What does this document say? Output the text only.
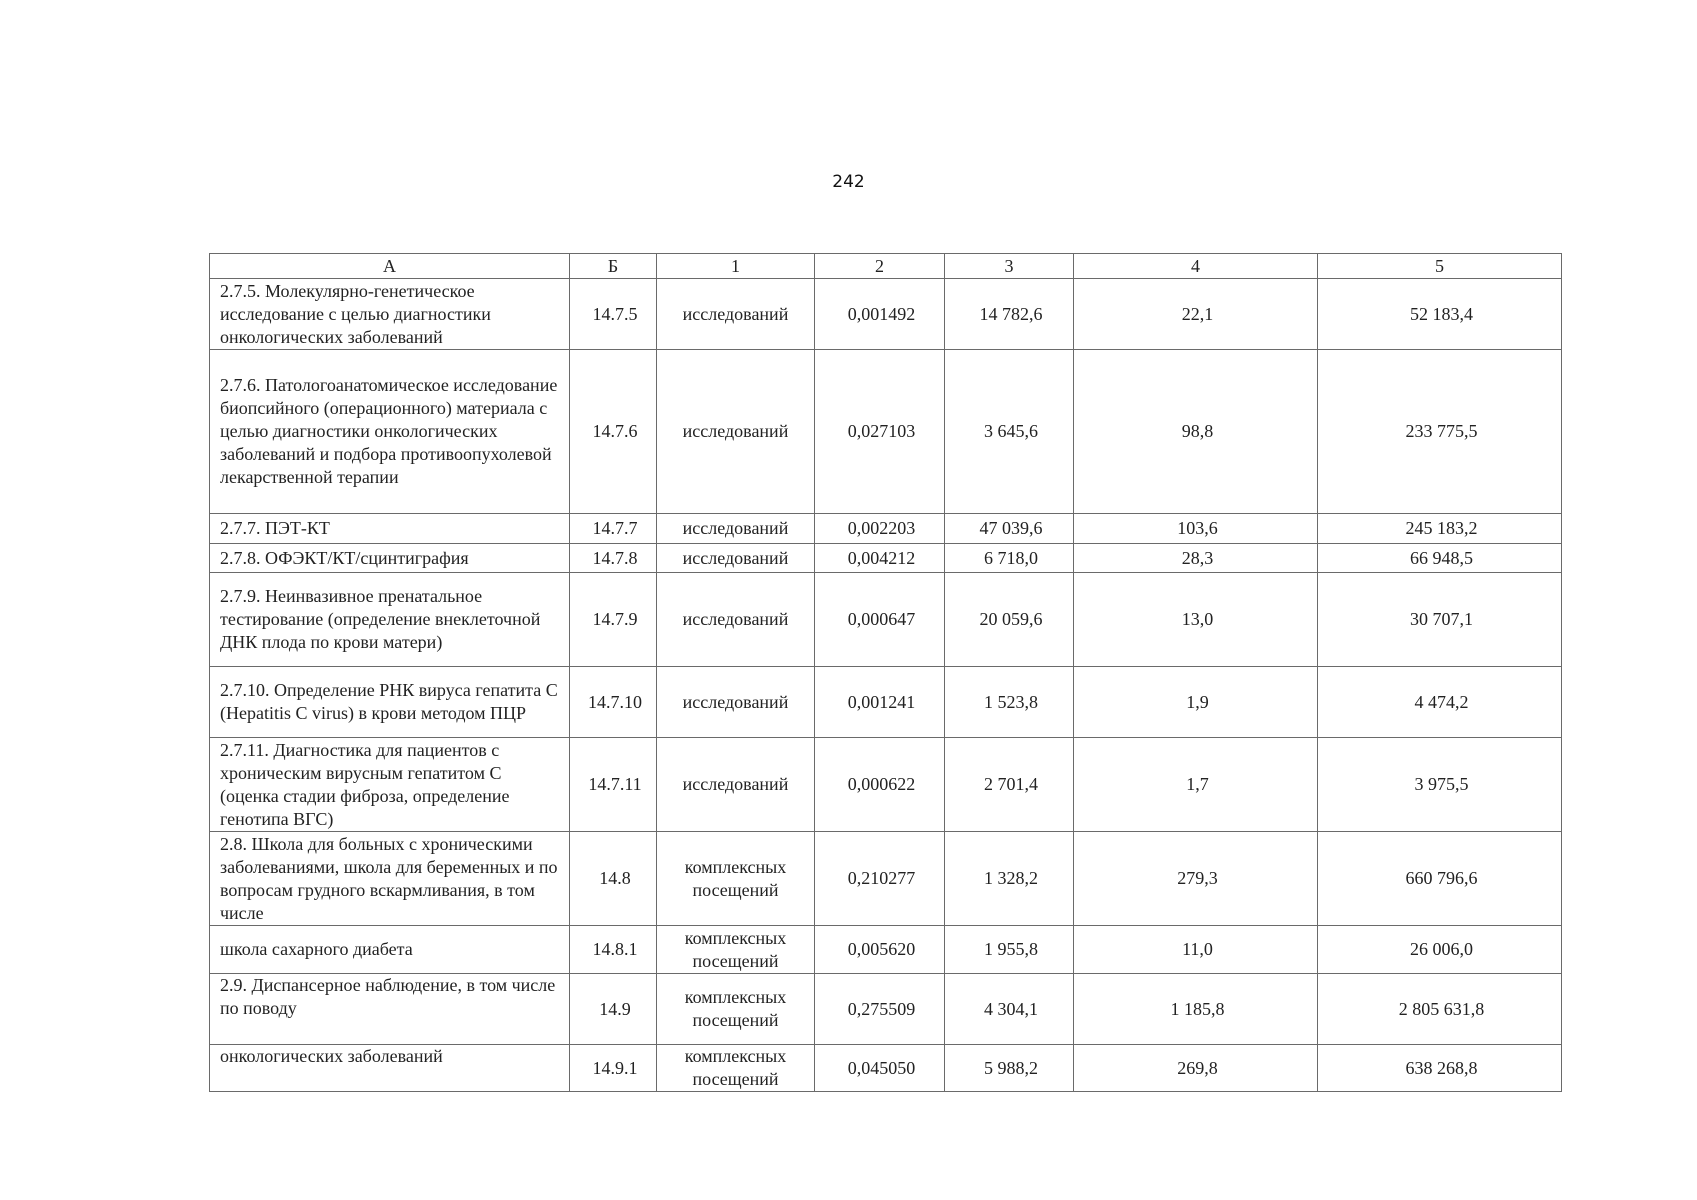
242
А	Б	1	2	3	4	5
2.7.5. Молекулярно-генетическое исследование с целью диагностики онкологических заболеваний	14.7.5	исследований	0,001492	14 782,6	22,1	52 183,4
2.7.6. Патологоанатомическое исследование биопсийного (операционного) материала с целью диагностики онкологических заболеваний и подбора противоопухолевой лекарственной терапии	14.7.6	исследований	0,027103	3 645,6	98,8	233 775,5
2.7.7. ПЭТ-КТ	14.7.7	исследований	0,002203	47 039,6	103,6	245 183,2
2.7.8. ОФЭКТ/КТ/сцинтиграфия	14.7.8	исследований	0,004212	6 718,0	28,3	66 948,5
2.7.9. Неинвазивное пренатальное тестирование (определение внеклеточной ДНК плода по крови матери)	14.7.9	исследований	0,000647	20 059,6	13,0	30 707,1
2.7.10. Определение РНК вируса гепатита С (Hepatitis C virus) в крови методом ПЦР	14.7.10	исследований	0,001241	1 523,8	1,9	4 474,2
2.7.11. Диагностика для пациентов с хроническим вирусным гепатитом С (оценка стадии фиброза, определение генотипа ВГС)	14.7.11	исследований	0,000622	2 701,4	1,7	3 975,5
2.8. Школа для больных с хроническими заболеваниями, школа для беременных и по вопросам грудного вскармливания, в том числе	14.8	комплексных посещений	0,210277	1 328,2	279,3	660 796,6
школа сахарного диабета	14.8.1	комплексных посещений	0,005620	1 955,8	11,0	26 006,0
2.9. Диспансерное наблюдение, в том числе по поводу	14.9	комплексных посещений	0,275509	4 304,1	1 185,8	2 805 631,8
онкологических заболеваний	14.9.1	комплексных посещений	0,045050	5 988,2	269,8	638 268,8
